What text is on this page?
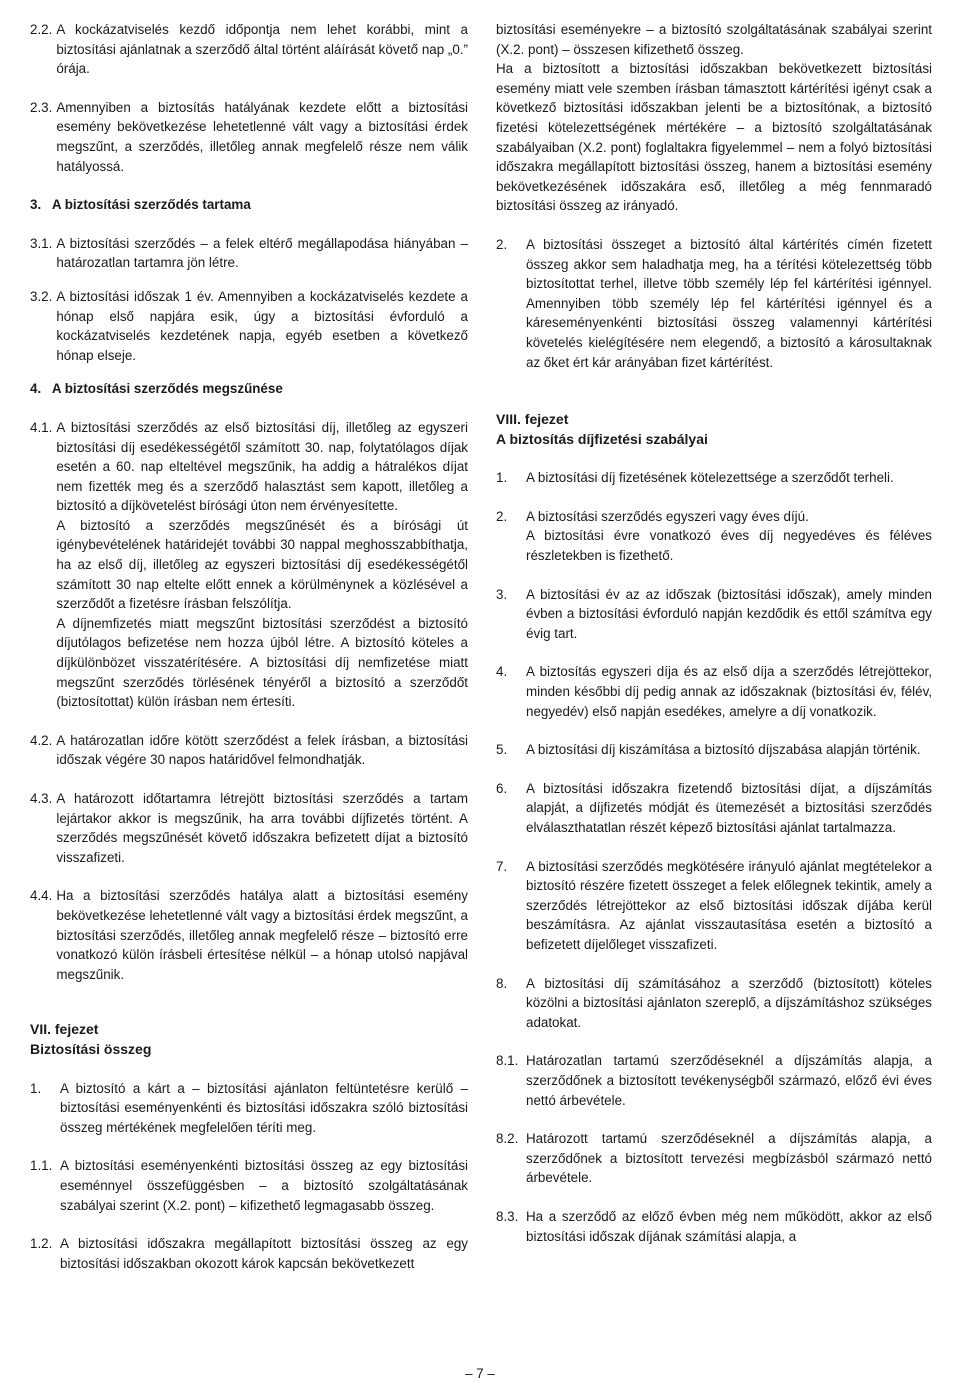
2.2. A kockázatviselés kezdő időpontja nem lehet korábbi, mint a biztosítási ajánlatnak a szerződő által történt aláírását követő nap „0.” órája.
2.3. Amennyiben a biztosítás hatályának kezdete előtt a biztosítási esemény bekövetkezése lehetetlenné vált vagy a biztosítási érdek megszűnt, a szerződés, illetőleg annak megfelelő része nem válik hatályossá.
3.   A biztosítási szerződés tartama
3.1. A biztosítási szerződés – a felek eltérő megállapodása hiányában – határozatlan tartamra jön létre.
3.2. A biztosítási időszak 1 év. Amennyiben a kockázatviselés kezdete a hónap első napjára esik, úgy a biztosítási évforduló a kockázatviselés kezdetének napja, egyéb esetben a következő hónap elseje.
4.   A biztosítási szerződés megszűnése
4.1. A biztosítási szerződés az első biztosítási díj, illetőleg az egyszeri biztosítási díj esedékességétől számított 30. nap, folytatólagos díjak esetén a 60. nap elteltével megszűnik, ha addig a hátralékos díjat nem fizették meg és a szerződő halasztást sem kapott, illetőleg a biztosító a díjkövetelést bírósági úton nem érvényesítette.
A biztosító a szerződés megszűnését és a bírósági út igénybevételének határidejét további 30 nappal meghosszabbíthatja, ha az első díj, illetőleg az egyszeri biztosítási díj esedékességétől számított 30 nap eltelte előtt ennek a körülménynek a közlésével a szerződőt a fizetésre írásban felszólítja.
A díjnemfizetés miatt megszűnt biztosítási szerződést a biztosító díjutólagos befizetése nem hozza újból létre. A biztosító köteles a díjkülönbözet visszatérítésére. A biztosítási díj nemfizetése miatt megszűnt szerződés törlésének tényéről a biztosító a szerződőt (biztosítottat) külön írásban nem értesíti.
4.2. A határozatlan időre kötött szerződést a felek írásban, a biztosítási időszak végére 30 napos határidővel felmondhatják.
4.3. A határozott időtartamra létrejött biztosítási szerződés a tartam lejártakor akkor is megszűnik, ha arra további díjfizetés történt. A szerződés megszűnését követő időszakra befizetett díjat a biztosító visszafizeti.
4.4. Ha a biztosítási szerződés hatálya alatt a biztosítási esemény bekövetkezése lehetetlenné vált vagy a biztosítási érdek megszűnt, a biztosítási szerződés, illetőleg annak megfelelő része – biztosító erre vonatkozó külön írásbeli értesítése nélkül – a hónap utolsó napjával megszűnik.
VII. fejezet
Biztosítási összeg
1.	A biztosító a kárt a – biztosítási ajánlaton feltüntetésre kerülő – biztosítási eseményenkénti és biztosítási időszakra szóló biztosítási összeg mértékének megfelelően téríti meg.
1.1. A biztosítási eseményenkénti biztosítási összeg az egy biztosítási eseménnyel összefüggésben – a biztosító szolgáltatásának szabályai szerint (X.2. pont) – kifizethető legmagasabb összeg.
1.2. A biztosítási időszakra megállapított biztosítási összeg az egy biztosítási időszakban okozott károk kapcsán bekövetkezett
biztosítási eseményekre – a biztosító szolgáltatásának szabályai szerint (X.2. pont) – összesen kifizethető összeg.
Ha a biztosított a biztosítási időszakban bekövetkezett biztosítási esemény miatt vele szemben írásban támasztott kártérítési igényt csak a következő biztosítási időszakban jelenti be a biztosítónak, a biztosító fizetési kötelezettségének mértékére – a biztosító szolgáltatásának szabályaiban (X.2. pont) foglaltakra figyelemmel – nem a folyó biztosítási időszakra megállapított biztosítási összeg, hanem a biztosítási esemény bekövetkezésének időszakára eső, illetőleg a még fennmaradó biztosítási összeg az irányadó.
2.	A biztosítási összeget a biztosító által kártérítés címén fizetett összeg akkor sem haladhatja meg, ha a térítési kötelezettség több biztosítottat terhel, illetve több személy lép fel kártérítési igénnyel. Amennyiben több személy lép fel kártérítési igénnyel és a káreseményenkénti biztosítási összeg valamennyi kártérítési követelés kielégítésére nem elegendő, a biztosító a károsultaknak az őket ért kár arányában fizet kártérítést.
VIII. fejezet
A biztosítás díjfizetési szabályai
1.	A biztosítási díj fizetésének kötelezettsége a szerződőt terheli.
2.	A biztosítási szerződés egyszeri vagy éves díjú.
A biztosítási évre vonatkozó éves díj negyedéves és féléves részletekben is fizethető.
3.	A biztosítási év az az időszak (biztosítási időszak), amely minden évben a biztosítási évforduló napján kezdődik és ettől számítva egy évig tart.
4.	A biztosítás egyszeri díja és az első díja a szerződés létrejöttekor, minden későbbi díj pedig annak az időszaknak (biztosítási év, félév, negyedév) első napján esedékes, amelyre a díj vonatkozik.
5.	A biztosítási díj kiszámítása a biztosító díjszabása alapján történik.
6.	A biztosítási időszakra fizetendő biztosítási díjat, a díjszámítás alapját, a díjfizetés módját és ütemezését a biztosítási szerződés elválaszthatatlan részét képező biztosítási ajánlat tartalmazza.
7.	A biztosítási szerződés megkötésére irányuló ajánlat megtételekor a biztosító részére fizetett összeget a felek előlegnek tekintik, amely a szerződés létrejöttekor az első biztosítási időszak díjába kerül beszámításra. Az ajánlat visszautasítása esetén a biztosító a befizetett díjelőleget visszafizeti.
8.	A biztosítási díj számításához a szerződő (biztosított) köteles közölni a biztosítási ajánlaton szereplő, a díjszámításhoz szükséges adatokat.
8.1. Határozatlan tartamú szerződéseknél a díjszámítás alapja, a szerződőnek a biztosított tevékenységből származó, előző évi éves nettó árbevétele.
8.2. Határozott tartamú szerződéseknél a díjszámítás alapja, a szerződőnek a biztosított tervezési megbízásból származó nettó árbevétele.
8.3. Ha a szerződő az előző évben még nem működött, akkor az első biztosítási időszak díjának számítási alapja, a
– 7 –
